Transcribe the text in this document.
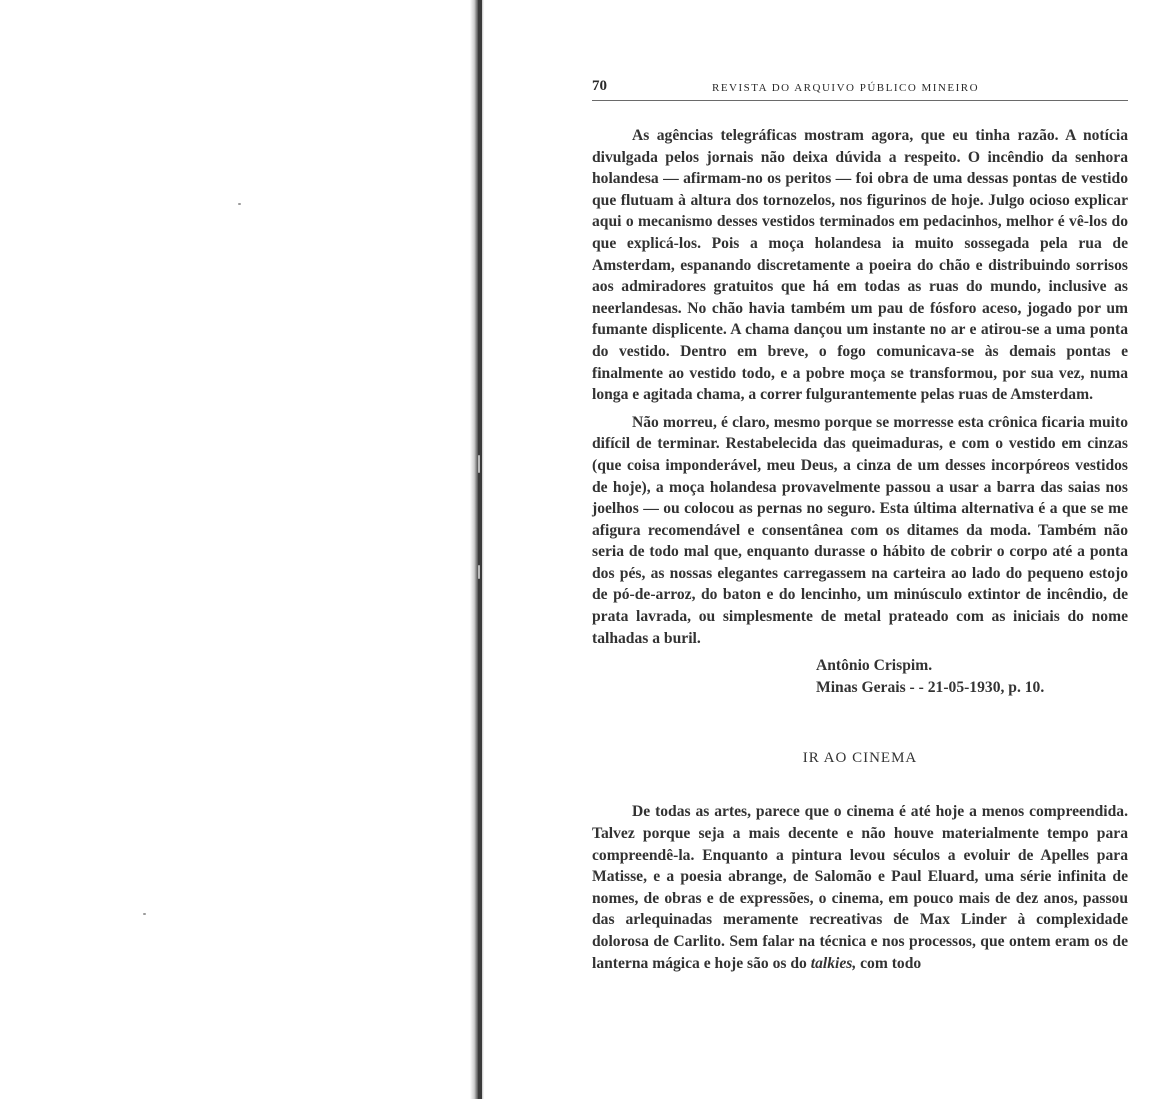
70	REVISTA DO ARQUIVO PÚBLICO MINEIRO

As agências telegráficas mostram agora, que eu tinha razão. A notícia divulgada pelos jornais não deixa dúvida a respeito. O incêndio da senhora holandesa — afirmam-no os peritos — foi obra de uma dessas pontas de vestido que flutuam à altura dos tornozelos, nos figurinos de hoje. Julgo ocioso explicar aqui o mecanismo desses vestidos terminados em pedacinhos, melhor é vê-los do que explicá-los. Pois a moça holandesa ia muito sossegada pela rua de Amsterdam, espanando discretamente a poeira do chão e distribuindo sorrisos aos admiradores gratuitos que há em todas as ruas do mundo, inclusive as neerlandesas. No chão havia também um pau de fósforo aceso, jogado por um fumante displicente. A chama dançou um instante no ar e atirou-se a uma ponta do vestido. Dentro em breve, o fogo comunicava-se às demais pontas e finalmente ao vestido todo, e a pobre moça se transformou, por sua vez, numa longa e agitada chama, a correr fulgurantemente pelas ruas de Amsterdam.

Não morreu, é claro, mesmo porque se morresse esta crônica ficaria muito difícil de terminar. Restabelecida das queimaduras, e com o vestido em cinzas (que coisa imponderável, meu Deus, a cinza de um desses incorpóreos vestidos de hoje), a moça holandesa provavelmente passou a usar a barra das saias nos joelhos — ou colocou as pernas no seguro. Esta última alternativa é a que se me afigura recomendável e consentânea com os ditames da moda. Também não seria de todo mal que, enquanto durasse o hábito de cobrir o corpo até a ponta dos pés, as nossas elegantes carregassem na carteira ao lado do pequeno estojo de pó-de-arroz, do baton e do lencinho, um minúsculo extintor de incêndio, de prata lavrada, ou simplesmente de metal prateado com as iniciais do nome talhadas a buril.

Antônio Crispim.
Minas Gerais - - 21-05-1930, p. 10.
IR AO CINEMA

De todas as artes, parece que o cinema é até hoje a menos compreendida. Talvez porque seja a mais decente e não houve materialmente tempo para compreendê-la. Enquanto a pintura levou séculos a evoluir de Apelles para Matisse, e a poesia abrange, de Salomão e Paul Eluard, uma série infinita de nomes, de obras e de expressões, o cinema, em pouco mais de dez anos, passou das arlequinadas meramente recreativas de Max Linder à complexidade dolorosa de Carlito. Sem falar na técnica e nos processos, que ontem eram os de lanterna mágica e hoje são os do talkies, com todo
